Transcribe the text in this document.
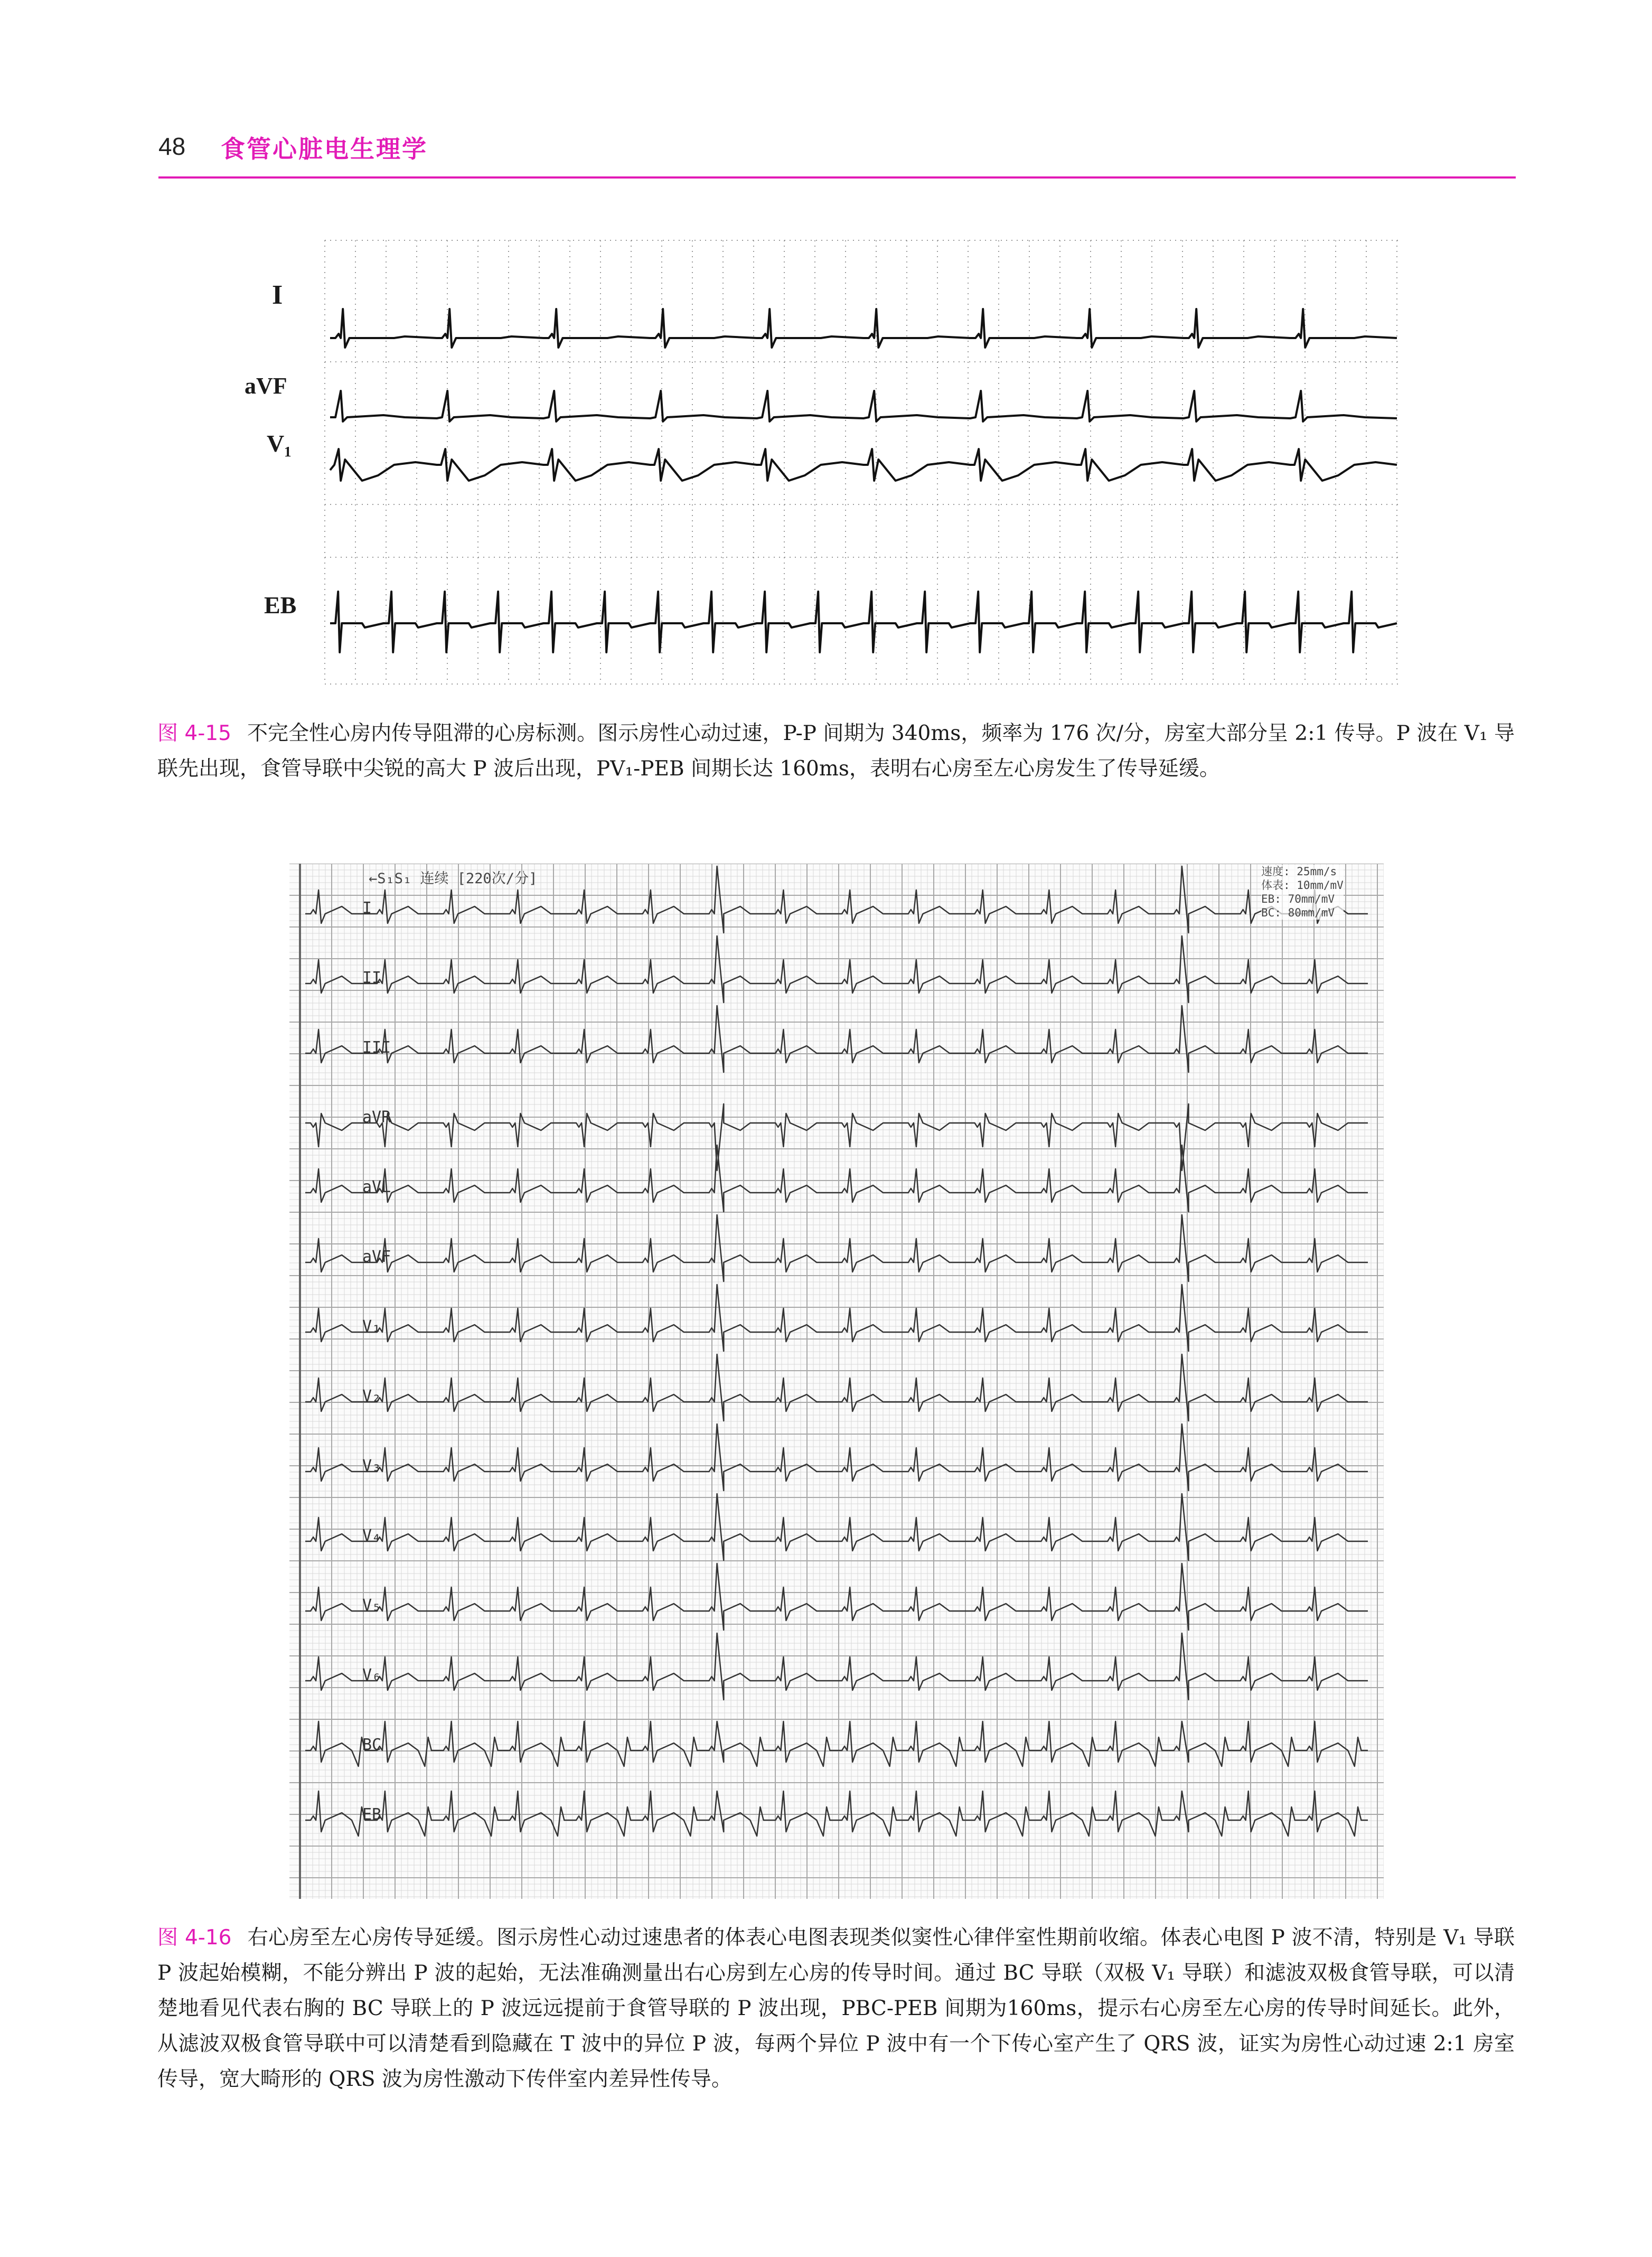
48 食管心脏电生理学
I
aVF
V₁
EB
图 4-15 不完全性心房内传导阻滞的心房标测。图示房性心动过速，P-P 间期为 340ms，频率为 176 次/分，房室大部分呈 2:1 传导。P 波在 V₁ 导联先出现，食管导联中尖锐的高大 P 波后出现，PV₁-PEB 间期长达 160ms，表明右心房至左心房发生了传导延缓。
←S₁S₁ 连续 [220次/分]	速度: 25mm/s
体表: 10mm/mV
EB: 70mm/mV
BC: 80mm/mV
I
II
III
aVR
aVL
aVF
V₁
V₂
V₃
V₄
V₅
V₆
BC
EB
图 4-16 右心房至左心房传导延缓。图示房性心动过速患者的体表心电图表现类似窦性心律伴室性期前收缩。体表心电图 P 波不清，特别是 V₁ 导联 P 波起始模糊，不能分辨出 P 波的起始，无法准确测量出右心房到左心房的传导时间。通过 BC 导联（双极 V₁ 导联）和滤波双极食管导联，可以清楚地看见代表右胸的 BC 导联上的 P 波远远提前于食管导联的 P 波出现，PBC-PEB 间期为160ms，提示右心房至左心房的传导时间延长。此外，从滤波双极食管导联中可以清楚看到隐藏在 T 波中的异位 P 波，每两个异位 P 波中有一个下传心室产生了 QRS 波，证实为房性心动过速 2:1 房室传导，宽大畸形的 QRS 波为房性激动下传伴室内差异性传导。
